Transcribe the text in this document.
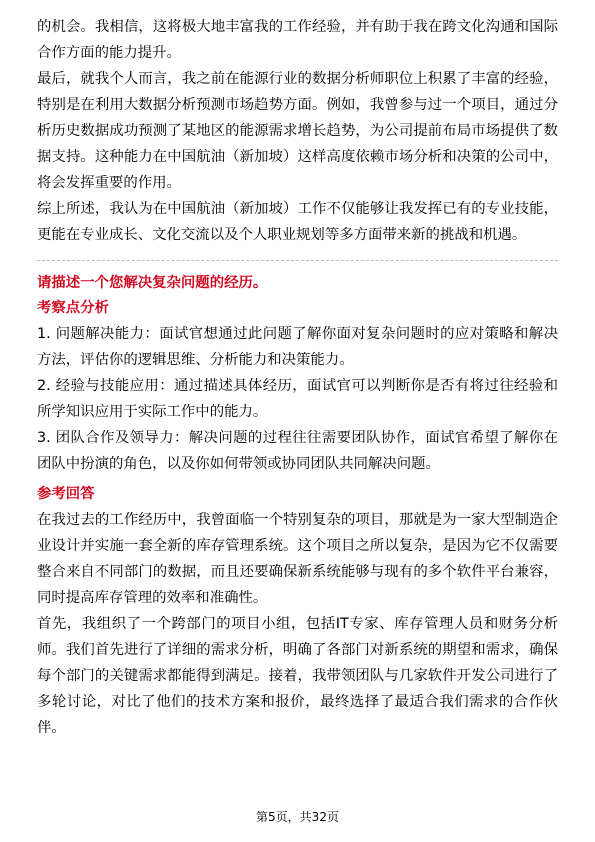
的机会。我相信，这将极大地丰富我的工作经验，并有助于我在跨文化沟通和国际合作方面的能力提升。

最后，就我个人而言，我之前在能源行业的数据分析师职位上积累了丰富的经验，特别是在利用大数据分析预测市场趋势方面。例如，我曾参与过一个项目，通过分析历史数据成功预测了某地区的能源需求增长趋势，为公司提前布局市场提供了数据支持。这种能力在中国航油（新加坡）这样高度依赖市场分析和决策的公司中，将会发挥重要的作用。

综上所述，我认为在中国航油（新加坡）工作不仅能够让我发挥已有的专业技能，更能在专业成长、文化交流以及个人职业规划等多方面带来新的挑战和机遇。

请描述一个您解决复杂问题的经历。

考察点分析

1. 问题解决能力：面试官想通过此问题了解你面对复杂问题时的应对策略和解决方法，评估你的逻辑思维、分析能力和决策能力。

2. 经验与技能应用：通过描述具体经历，面试官可以判断你是否有将过往经验和所学知识应用于实际工作中的能力。

3. 团队合作及领导力：解决问题的过程往往需要团队协作，面试官希望了解你在团队中扮演的角色，以及你如何带领或协同团队共同解决问题。

参考回答

在我过去的工作经历中，我曾面临一个特别复杂的项目，那就是为一家大型制造企业设计并实施一套全新的库存管理系统。这个项目之所以复杂，是因为它不仅需要整合来自不同部门的数据，而且还要确保新系统能够与现有的多个软件平台兼容，同时提高库存管理的效率和准确性。

首先，我组织了一个跨部门的项目小组，包括IT专家、库存管理人员和财务分析师。我们首先进行了详细的需求分析，明确了各部门对新系统的期望和需求，确保每个部门的关键需求都能得到满足。接着，我带领团队与几家软件开发公司进行了多轮讨论，对比了他们的技术方案和报价，最终选择了最适合我们需求的合作伙伴。

第5页，共32页
